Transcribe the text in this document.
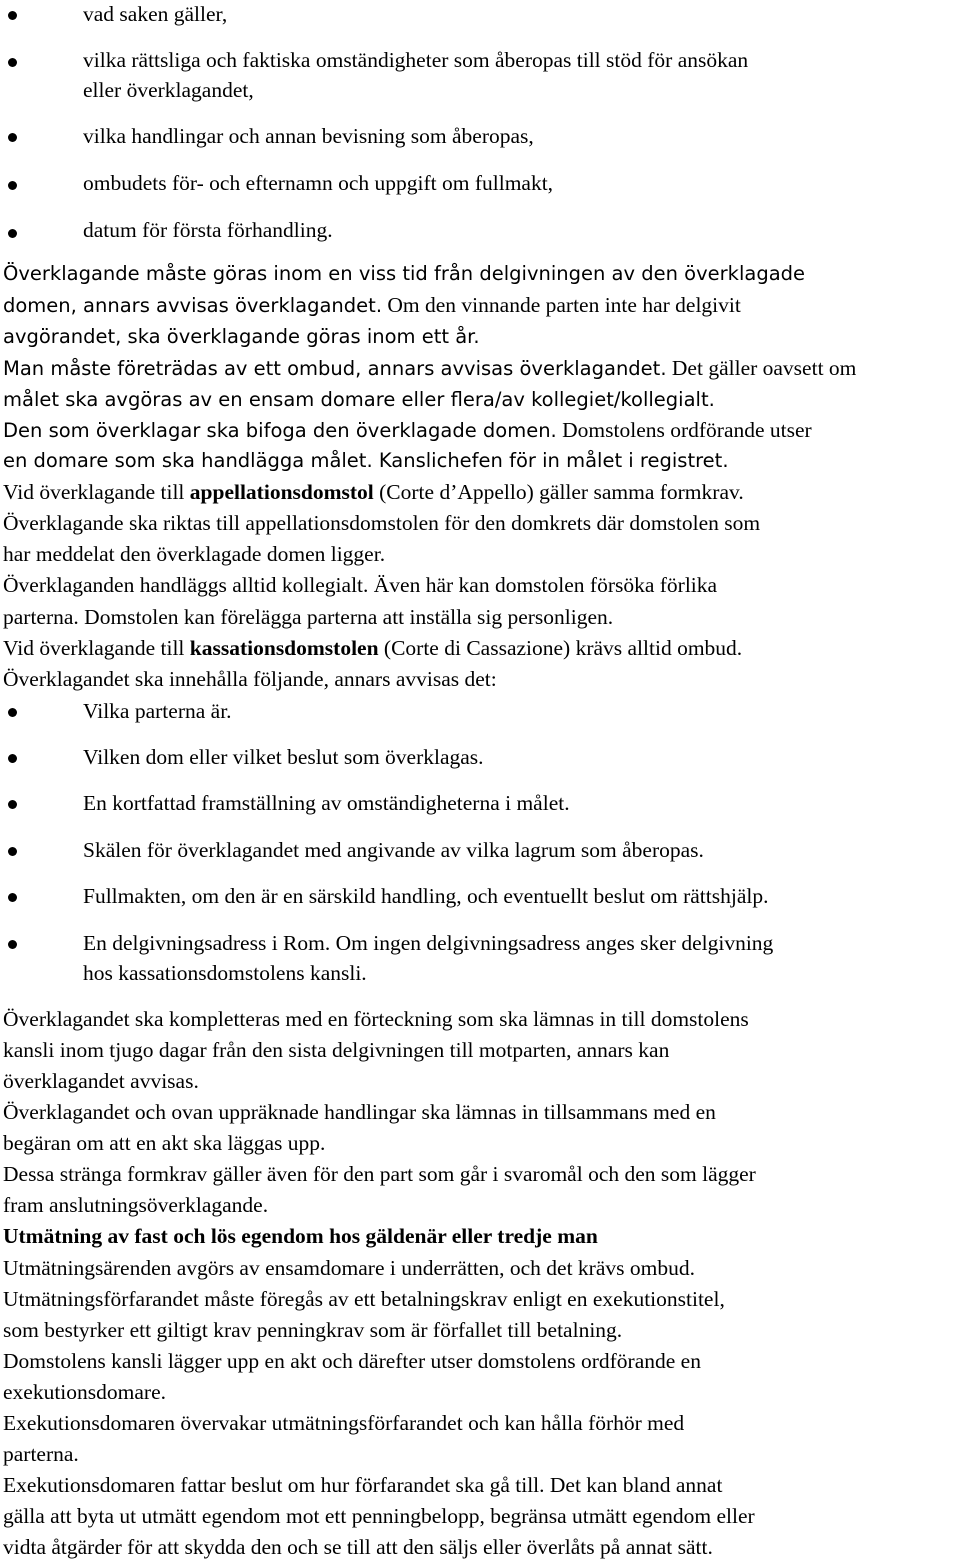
vad saken gäller,
vilka rättsliga och faktiska omständigheter som åberopas till stöd för ansökan
eller överklagandet,
vilka handlingar och annan bevisning som åberopas,
ombudets för- och efternamn och uppgift om fullmakt,
datum för första förhandling.
Överklagande måste göras inom en viss tid från delgivningen av den överklagade
domen, annars avvisas överklagandet. Om den vinnande parten inte har delgivit
avgörandet, ska överklagande göras inom ett år.
Man måste företrädas av ett ombud, annars avvisas överklagandet. Det gäller oavsett om
målet ska avgöras av en ensam domare eller flera/av kollegiet/kollegialt.
Den som överklagar ska bifoga den överklagade domen. Domstolens ordförande utser
en domare som ska handlägga målet. Kanslichefen för in målet i registret.
Vid överklagande till appellationsdomstol (Corte d’Appello) gäller samma formkrav.
Överklagande ska riktas till appellationsdomstolen för den domkrets där domstolen som
har meddelat den överklagade domen ligger.
Överklaganden handläggs alltid kollegialt. Även här kan domstolen försöka förlika
parterna. Domstolen kan förelägga parterna att inställa sig personligen.
Vid överklagande till kassationsdomstolen (Corte di Cassazione) krävs alltid ombud.
Överklagandet ska innehålla följande, annars avvisas det:
Vilka parterna är.
Vilken dom eller vilket beslut som överklagas.
En kortfattad framställning av omständigheterna i målet.
Skälen för överklagandet med angivande av vilka lagrum som åberopas.
Fullmakten, om den är en särskild handling, och eventuellt beslut om rättshjälp.
En delgivningsadress i Rom. Om ingen delgivningsadress anges sker delgivning
hos kassationsdomstolens kansli.
Överklagandet ska kompletteras med en förteckning som ska lämnas in till domstolens
kansli inom tjugo dagar från den sista delgivningen till motparten, annars kan
överklagandet avvisas.
Överklagandet och ovan uppräknade handlingar ska lämnas in tillsammans med en
begäran om att en akt ska läggas upp.
Dessa stränga formkrav gäller även för den part som går i svaromål och den som lägger
fram anslutningsöverklagande.
Utmätning av fast och lös egendom hos gäldenär eller tredje man
Utmätningsärenden avgörs av ensamdomare i underrätten, och det krävs ombud.
Utmätningsförfarandet måste föregås av ett betalningskrav enligt en exekutionstitel,
som bestyrker ett giltigt krav penningkrav som är förfallet till betalning.
Domstolens kansli lägger upp en akt och därefter utser domstolens ordförande en
exekutionsdomare.
Exekutionsdomaren övervakar utmätningsförfarandet och kan hålla förhör med
parterna.
Exekutionsdomaren fattar beslut om hur förfarandet ska gå till. Det kan bland annat
gälla att byta ut utmätt egendom mot ett penningbelopp, begränsa utmätt egendom eller
vidta åtgärder för att skydda den och se till att den säljs eller överlåts på annat sätt.
